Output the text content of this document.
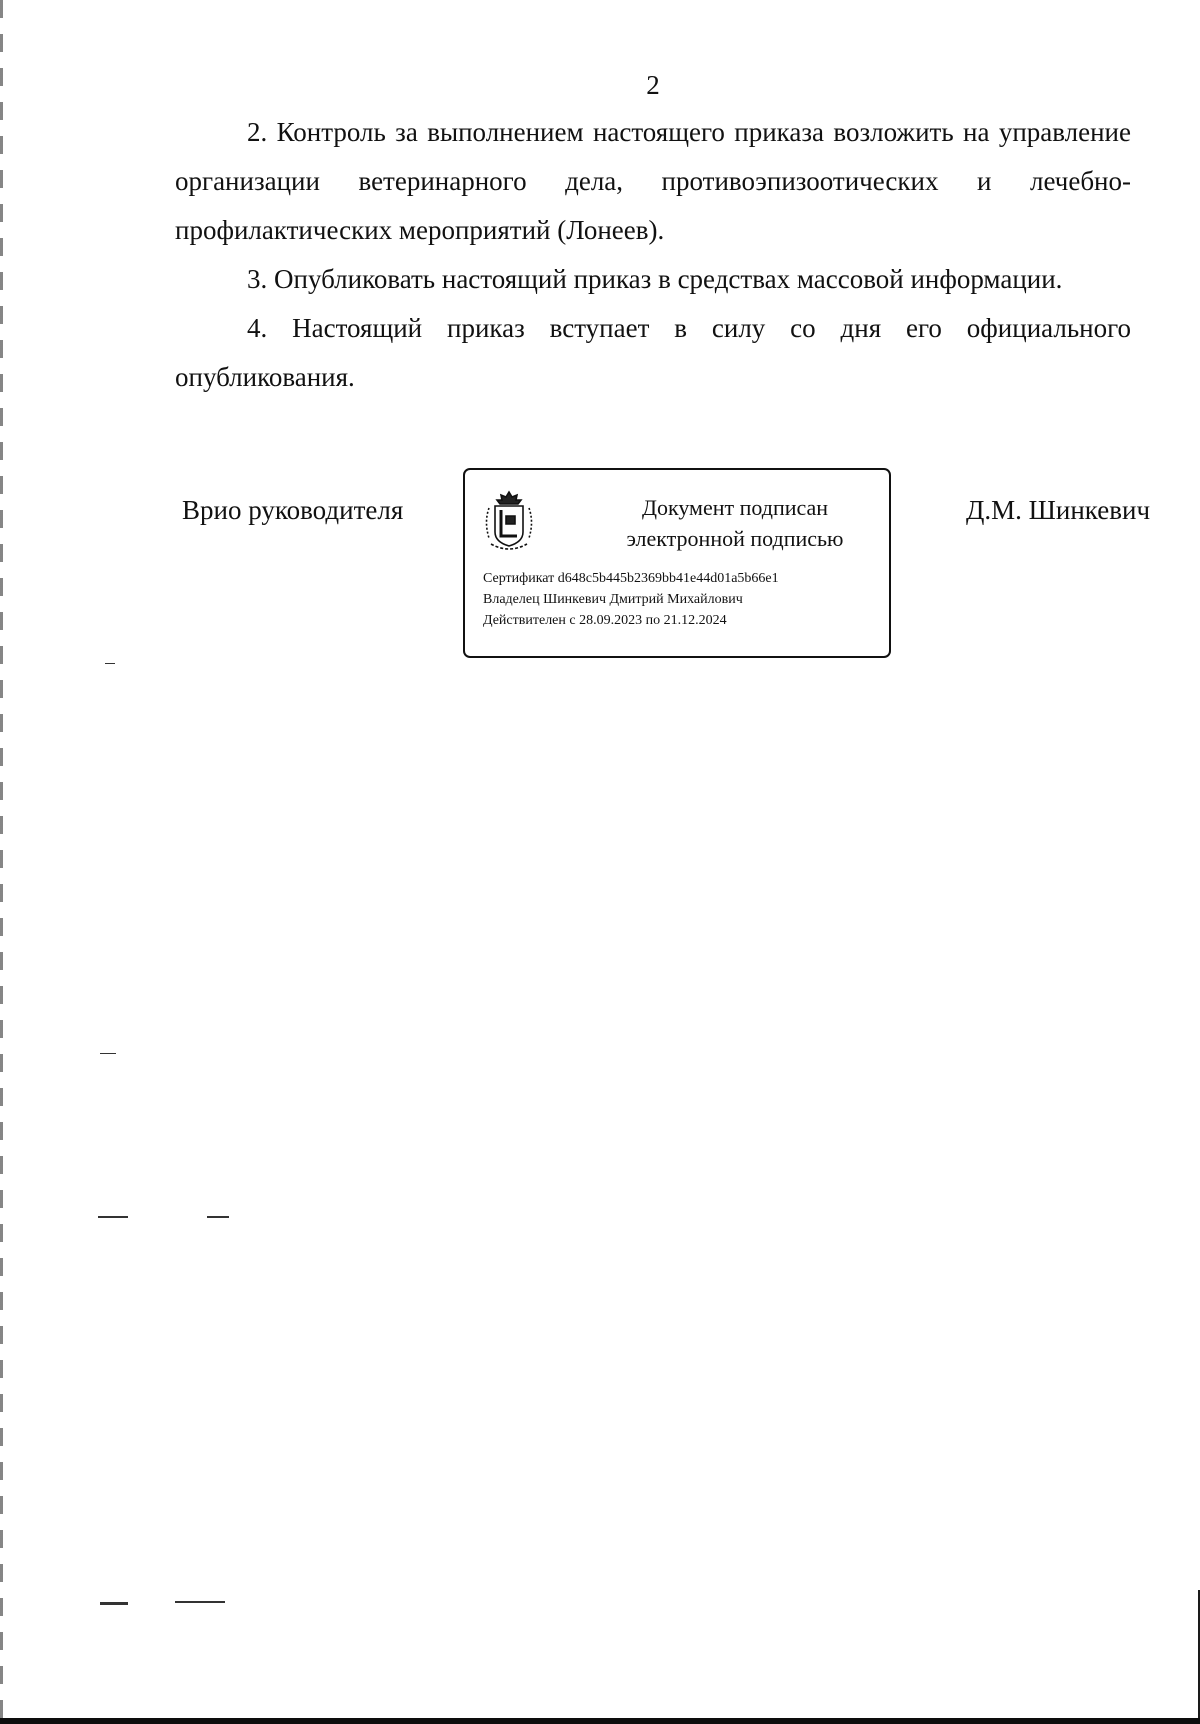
2

2. Контроль за выполнением настоящего приказа возложить на управление организации ветеринарного дела, противоэпизоотических и лечебно-профилактических мероприятий (Лонеев).

3. Опубликовать настоящий приказ в средствах массовой информации.

4. Настоящий приказ вступает в силу со дня его официального опубликования.

Врио руководителя	Д.М. Шинкевич
Документ подписан
электронной подписью
Сертификат d648c5b445b2369bb41e44d01a5b66e1
Владелец Шинкевич Дмитрий Михайлович
Действителен с 28.09.2023 по 21.12.2024
